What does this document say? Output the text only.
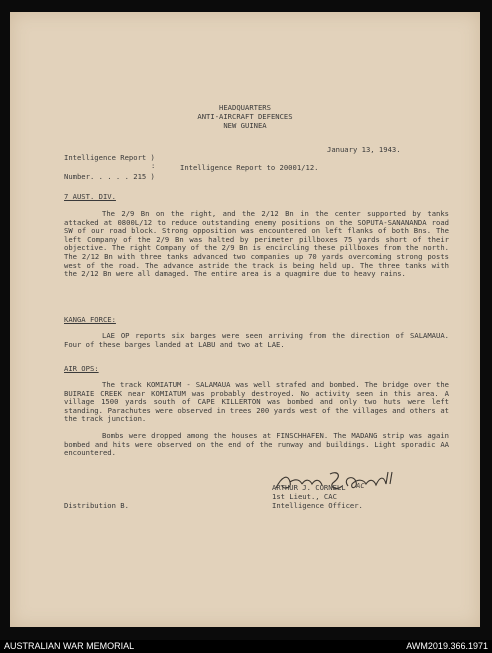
HEADQUARTERS
ANTI-AIRCRAFT DEFENCES
NEW GUINEA
January 13, 1943.
Intelligence Report )
:	Intelligence Report to 20001/12.
Number. . . . . 215 )
7 AUST. DIV.
The 2/9 Bn on the right, and the 2/12 Bn in the center supported by tanks attacked at 0800L/12 to reduce outstanding enemy positions on the SOPUTA-SANANANDA road SW of our road block. Strong opposition was encountered on left flanks of both Bns. The left Company of the 2/9 Bn was halted by perimeter pillboxes 75 yards short of their objective. The right Company of the 2/9 Bn is encircling these pillboxes from the north. The 2/12 Bn with three tanks advanced two companies up 70 yards overcoming strong posts west of the road. The advance astride the track is being held up. The three tanks with the 2/12 Bn were all damaged. The entire area is a quagmire due to heavy rains.
KANGA FORCE:
LAE OP reports six barges were seen arriving from the direction of SALAMAUA. Four of these barges landed at LABU and two at LAE.
AIR OPS:
The track KOMIATUM - SALAMAUA was well strafed and bombed. The bridge over the BUIRAIE CREEK near KOMIATUM was probably destroyed. No activity seen in this area. A village 1500 yards south of CAPE KILLERTON was bombed and only two huts were left standing. Parachutes were observed in trees 200 yards west of the villages and others at the track junction.
Bombs were dropped among the houses at FINSCHHAFEN. The MADANG strip was again bombed and hits were observed on the end of the runway and buildings. Light sporadic AA encountered.
ARTHUR J. CORNELL AC
1st Lieut., CAC
Intelligence Officer.
Distribution B.
AUSTRALIAN WAR MEMORIAL	AWM2019.366.1971
